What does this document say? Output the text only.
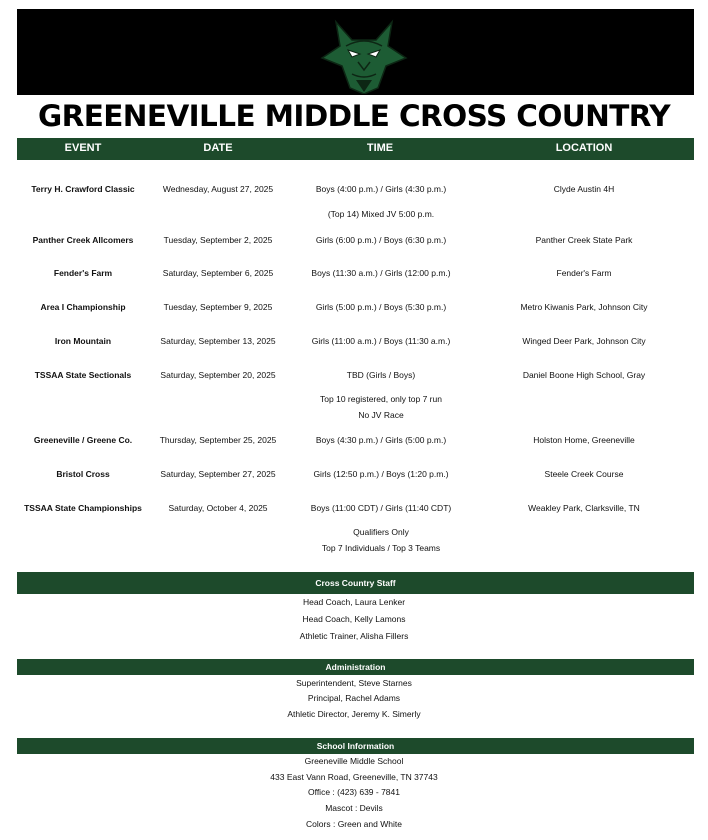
GREENEVILLE MIDDLE CROSS COUNTRY
EVENT	DATE	TIME	LOCATION
Terry H. Crawford Classic	Wednesday, August 27, 2025	Boys (4:00 p.m.) / Girls (4:30 p.m.)	Clyde Austin 4H
(Top 14) Mixed JV 5:00 p.m.
Panther Creek Allcomers	Tuesday, September 2, 2025	Girls (6:00 p.m.) / Boys (6:30 p.m.)	Panther Creek State Park
Fender's Farm	Saturday, September 6, 2025	Boys (11:30 a.m.) / Girls (12:00 p.m.)	Fender's Farm
Area I Championship	Tuesday, September 9, 2025	Girls (5:00 p.m.) / Boys (5:30 p.m.)	Metro Kiwanis Park, Johnson City
Iron Mountain	Saturday, September 13, 2025	Girls (11:00 a.m.) / Boys (11:30 a.m.)	Winged Deer Park, Johnson City
TSSAA State Sectionals	Saturday, September 20, 2025	TBD (Girls / Boys)	Daniel Boone High School, Gray
Top 10 registered, only top 7 run
No JV Race
Greeneville / Greene Co.	Thursday, September 25, 2025	Boys (4:30 p.m.) / Girls (5:00 p.m.)	Holston Home, Greeneville
Bristol Cross	Saturday, September 27, 2025	Girls (12:50 p.m.) / Boys (1:20 p.m.)	Steele Creek Course
TSSAA State Championships	Saturday, October 4, 2025	Boys (11:00 CDT) / Girls (11:40 CDT)	Weakley Park, Clarksville, TN
Qualifiers Only
Top 7 Individuals / Top 3 Teams
Cross Country Staff
Head Coach, Laura Lenker
Head Coach, Kelly Lamons
Athletic Trainer, Alisha Fillers
Administration
Superintendent, Steve Starnes
Principal, Rachel Adams
Athletic Director, Jeremy K. Simerly
School Information
Greeneville Middle School
433 East Vann Road, Greeneville, TN 37743
Office : (423) 639 - 7841
Mascot : Devils
Colors : Green and White
